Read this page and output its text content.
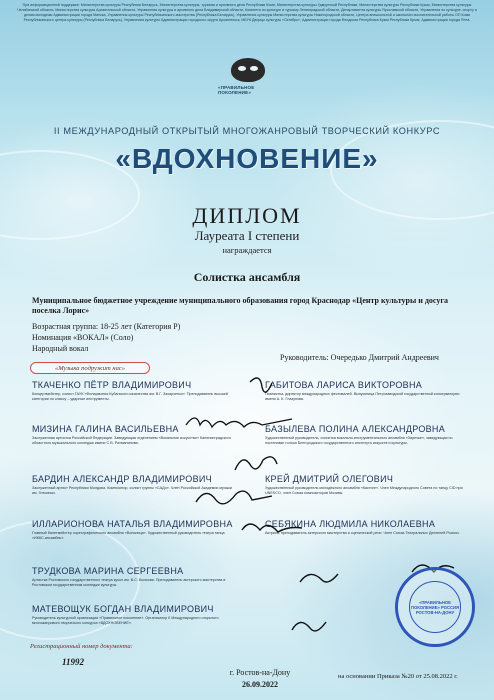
При информационной поддержке: Министерства культуры Республики Беларусь, Министерства культуры, туризма и архивного дела Республики Коми, Министерства культуры Удмуртской Республики, Министерства культуры Республики Крым, Министерства культуры Челябинской области, Министерства культуры Архангельской области, Управления культуры и архивного дела Владимирской области, Комитета по культуре и туризму Ленинградской области, Департамента культуры Ярославской области, Управления по культуре, спорту и делам молодежи Администрации города Минска, Управления культуры Республиканского мастерства (Республика Беларусь), Управления культуры Министерства культуры Нижегородской области, Центра внешкольной и школьного воспитательной работы ОП Коми Республиканского центра культуры (Республика Беларусь), Управления культуры Администрации городского округа Архангельск, МБУК Дворцы культуры «Октябрь», Администрации города Феодосия Республика Крым Республики Крым, Администрации города Ялта.
«ПРАВИЛЬНОЕ ПОКОЛЕНИЕ»
II МЕЖДУНАРОДНЫЙ ОТКРЫТЫЙ МНОГОЖАНРОВЫЙ ТВОРЧЕСКИЙ КОНКУРС
«ВДОХНОВЕНИЕ»
ДИПЛОМ
Лауреата I степени
награждается
Солистка ансамбля
Муниципальное бюджетное учреждение муниципального образования город Краснодар «Центр культуры и досуга поселка Лорис»
Возрастная группа: 18-25 лет (Категория Р)
Номинация «ВОКАЛ» (Соло)
Народный вокал
Руководитель: Очередько Дмитрий Андреевич
«Музыка подружит нас»
ТКАЧЕНКО ПЁТР ВЛАДИМИРОВИЧ
Концертмейстер, солист ГАУК «Филармония Кубанского казачества им. В.Г. Захарченко». Преподаватель высшей категории по классу – ударные инструменты.
ГАБИТОВА ЛАРИСА ВИКТОРОВНА
Пианистка, директор международных фестивалей. Выпускница Петрозаводской государственной консерватории имени А. К. Глазунова.
МИЗИНА ГАЛИНА ВАСИЛЬЕВНА
Заслуженная артистка Российской Федерации. Заведующая отделением «Вокальное искусство» Калининградского областного музыкального колледжа имени С.В. Рахманинова.
БАЗЫЛЕВА ПОЛИНА АЛЕКСАНДРОВНА
Художественный руководитель, солистка вокально-инструментального ансамбля «Заречье», заведующая по постановке голоса Белгородского государственного института искусств и культуры.
БАРДИН АЛЕКСАНДР ВЛАДИМИРОВИЧ
Заслуженный артист Республики Молдова. Композитор, солист группы «САДо». Член Российской Академии музыки им. Гнесиных.
КРЕЙ ДМИТРИЙ ОЛЕГОВИЧ
Художественный руководитель молодёжного ансамбля «Кастинг». Член Международного Совета по танцу CID при UNESCO, член Союза композиторов Москвы.
ИЛЛАРИОНОВА НАТАЛЬЯ ВЛАДИМИРОВНА
Главный балетмейстер хореографического ансамбля «Вольница». Художественный руководитель театра танца «ИККС-ансамбль».
СЕБЯКИНА ЛЮДМИЛА НИКОЛАЕВНА
Актриса, преподаватель актерского мастерства и сценической речи. Член Союза Театральных Деятелей России.
ТРУДКОВА МАРИНА СЕРГЕЕВНА
Артистка Ростовского государственного театра кукол им. В.С. Былкова. Преподаватель актерского мастерства в Ростовском государственном колледже культуры.
МАТЕВОЩУК БОГДАН ВЛАДИМИРОВИЧ
Руководитель культурной организации «Правильное поколение». Организатор II Международного открытого многожанрового творческого конкурса «ВДОХНОВЕНИЕ».
«ПРАВИЛЬНОЕ ПОКОЛЕНИЕ» РОССИЯ РОСТОВ-НА-ДОНУ
Регистрационный номер документа:
11992
г. Ростов-на-Дону
26.09.2022
на основании Приказа №20 от 25.08.2022 г.
